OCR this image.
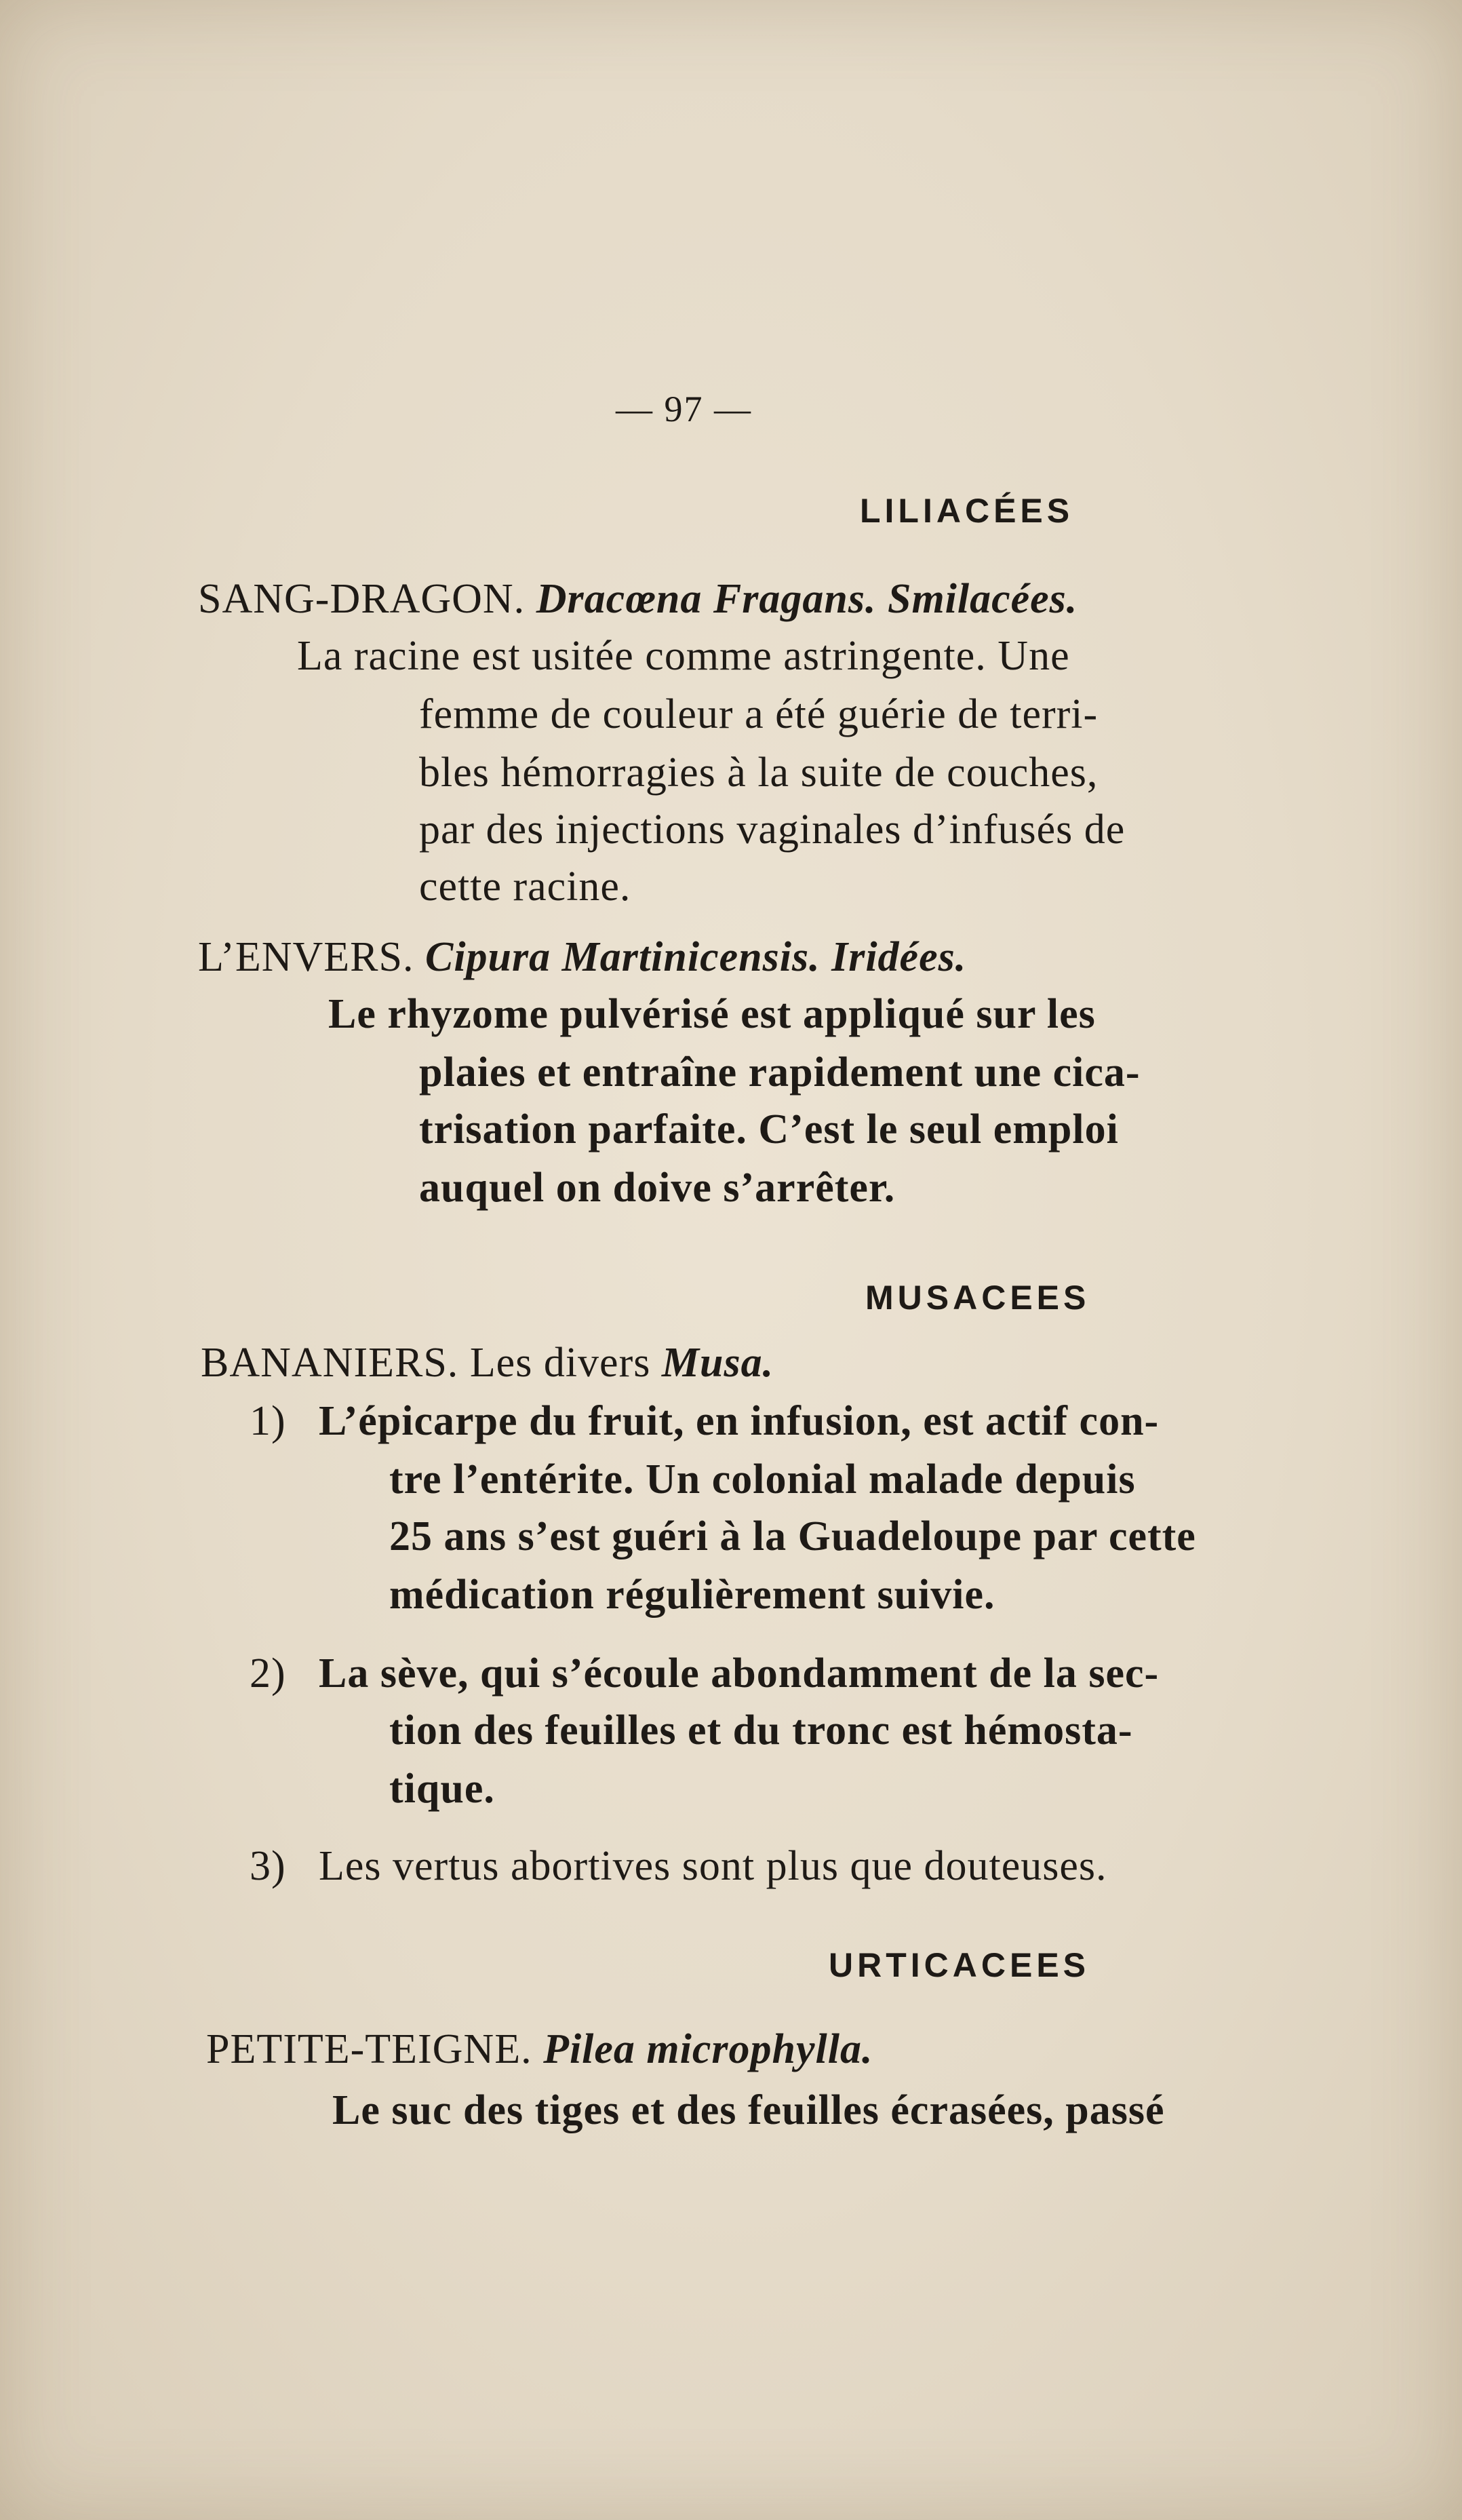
— 97 —
LILIACÉES
SANG-DRAGON. Dracœna Fragans. Smilacées.
La racine est usitée comme astringente. Une
femme de couleur a été guérie de terri-
bles hémorragies à la suite de couches,
par des injections vaginales d’infusés de
cette racine.
L’ENVERS. Cipura Martinicensis. Iridées.
Le rhyzome pulvérisé est appliqué sur les
plaies et entraîne rapidement une cica-
trisation parfaite. C’est le seul emploi
auquel on doive s’arrêter.
MUSACEES
BANANIERS. Les divers Musa.
1) L’épicarpe du fruit, en infusion, est actif con-
tre l’entérite. Un colonial malade depuis
25 ans s’est guéri à la Guadeloupe par cette
médication régulièrement suivie.
2) La sève, qui s’écoule abondamment de la sec-
tion des feuilles et du tronc est hémosta-
tique.
3) Les vertus abortives sont plus que douteuses.
URTICACEES
PETITE-TEIGNE. Pilea microphylla.
Le suc des tiges et des feuilles écrasées, passé
